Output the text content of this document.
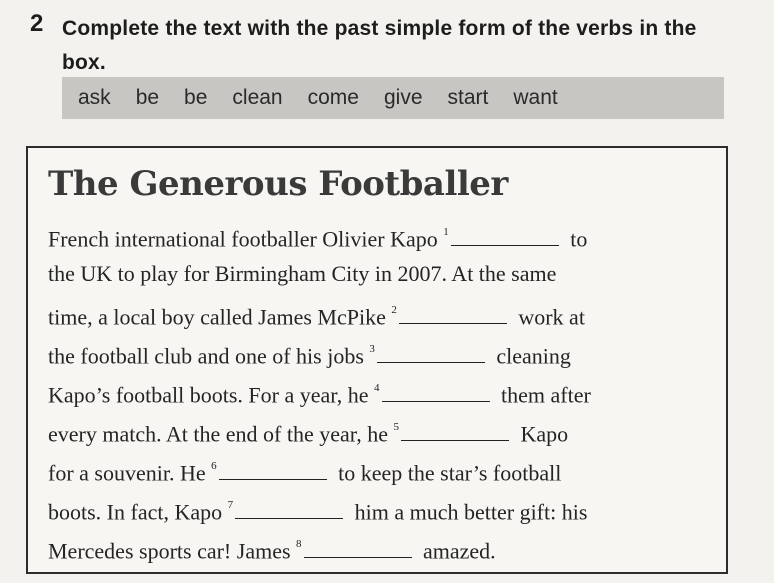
2 Complete the text with the past simple form of the verbs in the box.
ask be be clean come give start want
The Generous Footballer
French international footballer Olivier Kapo $^1$	to
the UK to play for Birmingham City in 2007. At the same
time, a local boy called James McPike $^2$	work at
the football club and one of his jobs $^3$	cleaning
Kapo’s football boots. For a year, he $^4$	them after
every match. At the end of the year, he $^5$	Kapo
for a souvenir. He $^6$	to keep the star’s football
boots. In fact, Kapo $^7$	him a much better gift: his
Mercedes sports car! James $^8$	amazed.
